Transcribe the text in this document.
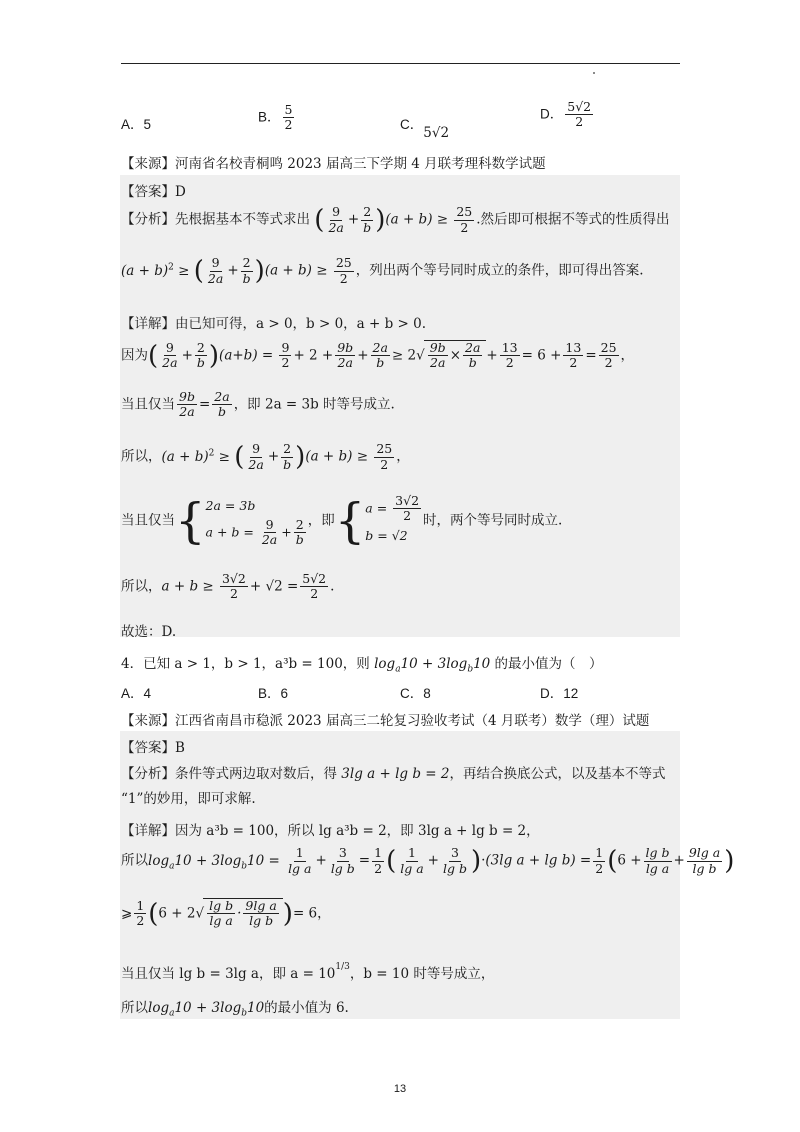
A．5
B． $\frac{5}{2}$	C．5√2
D． $\frac{5√2}{2}$
【来源】河南省名校青桐鸣 2023 届高三下学期 4 月联考理科数学试题
【答案】D
【分析】先根据基本不等式求出 ( $\frac{9}{2a} + \frac{2}{b} )(a + b) \ge \frac{25}{2}$ .然后即可根据不等式的性质得出
$(a + b)^2$ ≥ ( $\frac{9}{2a} + \frac{2}{b} )(a + b) \ge \frac{25}{2}$ ，列出两个等号同时成立的条件，即可得出答案.
【详解】由已知可得，a > 0，b > 0，a + b > 0.
因为( $\frac{9}{2a} + \frac{2}{b} )(a+b) = \frac{9}{2} + 2 + \frac{9b}{2a} + \frac{2a}{b} \ge 2√ \frac{9b}{2a} \times \frac{2a}{b} + \frac{13}{2} = 6 + \frac{13}{2} = \frac{25}{2}$ ，
当且仅当 $\frac{9b}{2a} = \frac{2a}{b}$ ，即 2a = 3b 时等号成立.
所以，$(a + b)^2$ ≥ ( $\frac{9}{2a} + \frac{2}{b} )(a + b) \ge \frac{25}{2}$ ，
当且仅当{ 2a = 3b
$a + b = \frac{9}{2a} + \frac{2}{b}$ ，即{ $a = \frac{3√2}{2}$
b = √2
时，两个等号同时成立.
所以，$a + b \ge \frac{3√2}{2} + √2 = \frac{5√2}{2}$ .
故选：D.
4．已知 a > 1，b > 1，a³b = 100，则 $\log_a10 + 3\log_b10$ 的最小值为（　）
A．4	B．6	C．8	D．12
【来源】江西省南昌市稳派 2023 届高三二轮复习验收考试（4 月联考）数学（理）试题
【答案】B
【分析】条件等式两边取对数后，得 3lg a + lg b = 2，再结合换底公式，以及基本不等式
“1”的妙用，即可求解.
【详解】因为 a³b = 100，所以 lg a³b = 2，即 3lg a + lg b = 2，
所以$\log_a10 + 3\log_b10 = \frac{1}{\text{lg a}} + \frac{3}{\text{lg b}} = \frac{1}{2}$ ( $\frac{1}{\text{lg a}} + \frac{3}{\text{lg b}} )\cdot(3\lg$ $a + \lg b) = \frac{1}{2} (6 + \frac{\text{lg b}}{\text{lg a}} + \frac{\text{9lg a}}{\text{lg b}}$ )
⩾ $\frac{1}{2} (6 + 2√ \frac{\text{lg b}}{\text{lg a}} \cdot \frac{\text{9lg a}}{\text{lg b}}$ )= 6，
当且仅当 lg b = 3lg a，即 $a = 10^{1/3}$，b = 10 时等号成立，
所以$\log_a10 + 3\log_b10$的最小值为 6.
13
